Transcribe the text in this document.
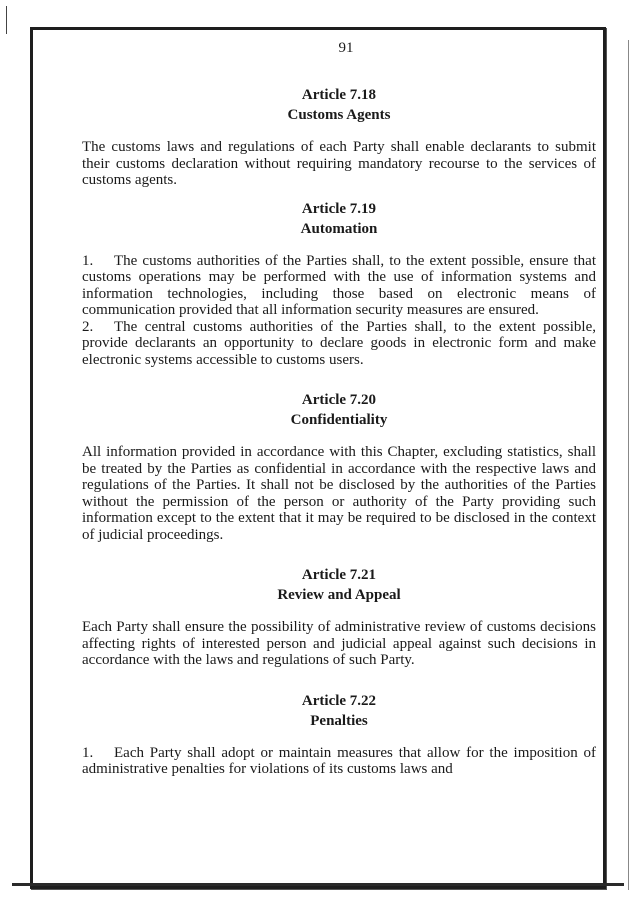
91
Article 7.18
Customs Agents

The customs laws and regulations of each Party shall enable declarants to submit their customs declaration without requiring mandatory recourse to the services of customs agents.

Article 7.19
Automation

1. The customs authorities of the Parties shall, to the extent possible, ensure that customs operations may be performed with the use of information systems and information technologies, including those based on electronic means of communication provided that all information security measures are ensured.

2. The central customs authorities of the Parties shall, to the extent possible, provide declarants an opportunity to declare goods in electronic form and make electronic systems accessible to customs users.

Article 7.20
Confidentiality

All information provided in accordance with this Chapter, excluding statistics, shall be treated by the Parties as confidential in accordance with the respective laws and regulations of the Parties. It shall not be disclosed by the authorities of the Parties without the permission of the person or authority of the Party providing such information except to the extent that it may be required to be disclosed in the context of judicial proceedings.

Article 7.21
Review and Appeal

Each Party shall ensure the possibility of administrative review of customs decisions affecting rights of interested person and judicial appeal against such decisions in accordance with the laws and regulations of such Party.

Article 7.22
Penalties

1. Each Party shall adopt or maintain measures that allow for the imposition of administrative penalties for violations of its customs laws and
